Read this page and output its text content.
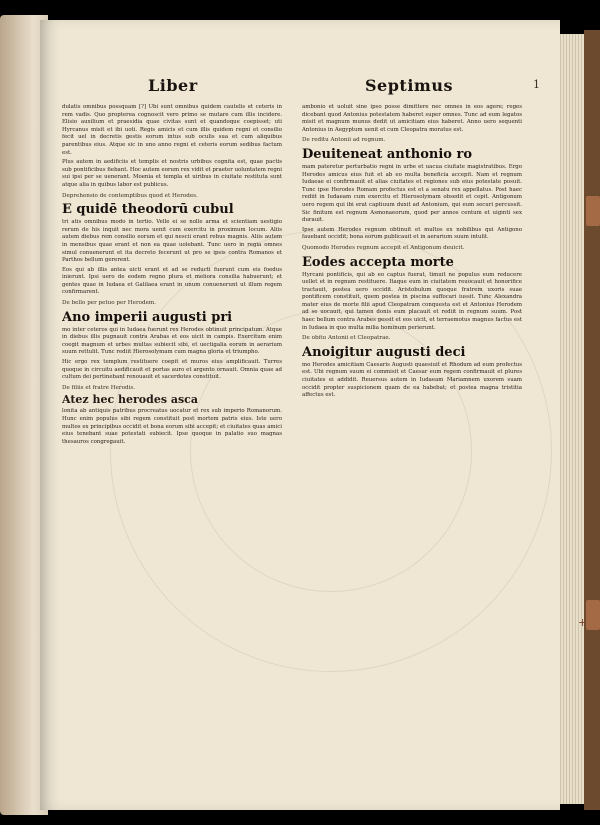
Liber	Septimus	1

dulatis omnibus possquam [?] Ubi sunt omnibus quidem cautelis et ceteris in rem vadis. Quo propterea cognoscit vero primo se mutare cum illis incidere. Elisio auxilium et praesidia quae civitas sunt et quandoque coepisset; uti Hyrcanus misit et ibi uoti. Regis amicis et cum illis quidem regni et consilio fecit uel in decretis gestis eorum intus sub oculis sua et cum aliquibus parentibus eius. Atque sic in uno anno regni et ceteris eorum sedibus factum est.

Plus autem in aedificiis et templis et nostris urbibus cognita est, quae pactis sub pontificibus fiebant. Hoc autem eorum rex vidit et praeter uoluntatem regni sui ipsi per se uenerant. Moenia et templa et uiribus in ciuitate restituta sunt atque alia in quibus labor est publicus.

Deprehensio de contemptibus quod et Herodes.
E quidē theodorū cubul

tri atis omnibus modo in tertio. Velle ei se nolle arma et scientiam uestigio rerum de his inquit nec mora uenit cum exercitu in proximum locum. Aliis autem diebus rem consilio eorum et qui nescii erant rebus magnis. Aliis autem in mensibus quae erant et non ea quae uolebant. Tunc uero in regia omnes simul conuenerunt et ita decreto fecerunt ut pro se ipsis contra Romanos et Parthos bellum gererent.

Eos qui ab illis antea uicti erant et ad se reducti fuerunt cum eis foedus inierunt. Ipsi uero de eodem regno plura et meliora consilia habuerunt; et gentes quae in Iudaea et Galilaea erant in unum conuenerunt ut illum regem confirmarent.

De bello per petuo per Herodem.
Ano imperii augusti pri

mo inter ceteros qui in Iudaea fuerunt rex Herodes obtinuit principatum. Atque in diebus illis pugnauit contra Arabas et eos uicit in campis. Exercitum enim coegit magnum et urbes multas subiecit sibi, et uectigalia eorum in aerarium suum rettulit. Tunc rediit Hierosolymam cum magna gloria et triumpho.

Hic ergo rex templum restituere coepit et muros eius amplificauit. Turres quoque in circuitu aedificauit et portas auro et argento ornauit. Omnia quae ad cultum dei pertinebant renouauit et sacerdotes constituit.

De filiis et fratre Herodis.
Atez hec herodes asca

lonita ab antiquis patribus procreatus uocatur et rex sub imperio Romanorum. Hunc enim populus sibi regem constituit post mortem patris eius. Iste uero multos ex principibus occidit et bona eorum sibi accepit; et ciuitates quas amici eius tenebant suae potestati subiecit. Ipse quoque in palatio suo magnas thesauros congregauit.

ambonio et uoluit sine ipso posse dimittere nec omnes in eos agere; reges dicebant quod Antonius potestatem haberet super omnes. Tunc ad eum legatos misit et magnum munus dedit ut amicitiam eius haberet. Anno uero sequenti Antonius in Aegyptum uenit et cum Cleopatra moratus est.

De reditu Antonii ad regnum.
Deuiteneat anthonio ro

mam pateretur perturbatio regni in urbe et uacua ciuitate magistratibus. Ergo Herodes amicus eius fuit et ab eo multa beneficia accepit. Nam et regnum Iudaeae ei confirmauit et alias ciuitates et regiones sub eius potestate posuit. Tunc ipse Herodes Romam profectus est et a senatu rex appellatus. Post haec rediit in Iudaeam cum exercitu et Hierosolymam obsedit et cepit. Antigonum uero regem qui ibi erat captiuum duxit ad Antonium, qui eum securi percussit. Sic finitum est regnum Asmonaeorum, quod per annos centum et uiginti sex durauit.

Ipse autem Herodes regnum obtinuit et multos ex nobilibus qui Antigono fauebant occidit; bona eorum publicauit et in aerarium suum intulit.

Quomodo Herodes regnum accepit et Antigonum deuicit.
Eodes accepta morte

Hyrcani pontificis, qui ab eo captus fuerat, timuit ne populus eum reducere uellet et in regnum restituere. Itaque eum in ciuitatem reuocauit et honorifice tractauit, postea uero occidit. Aristobulum quoque fratrem uxoris suae pontificem constituit, quem postea in piscina suffocari iussit. Tunc Alexandra mater eius de morte filii apud Cleopatram conquesta est et Antonius Herodem ad se uocauit, qui tamen donis eum placauit et rediit in regnum suum. Post haec bellum contra Arabes gessit et eos uicit, et terraemotus magnus factus est in Iudaea in quo multa milia hominum perierunt.

De obitu Antonii et Cleopatrae.
Anoigitur augusti deci

mo Herodes amicitiam Caesaris Augusti quaesiuit et Rhodum ad eum profectus est. Ubi regnum suum ei commisit et Caesar eum regem confirmauit et plures ciuitates ei addidit. Reuersus autem in Iudaeam Mariamnem uxorem suam occidit propter suspicionem quam de ea habebat; et postea magna tristitia affectus est.

+
